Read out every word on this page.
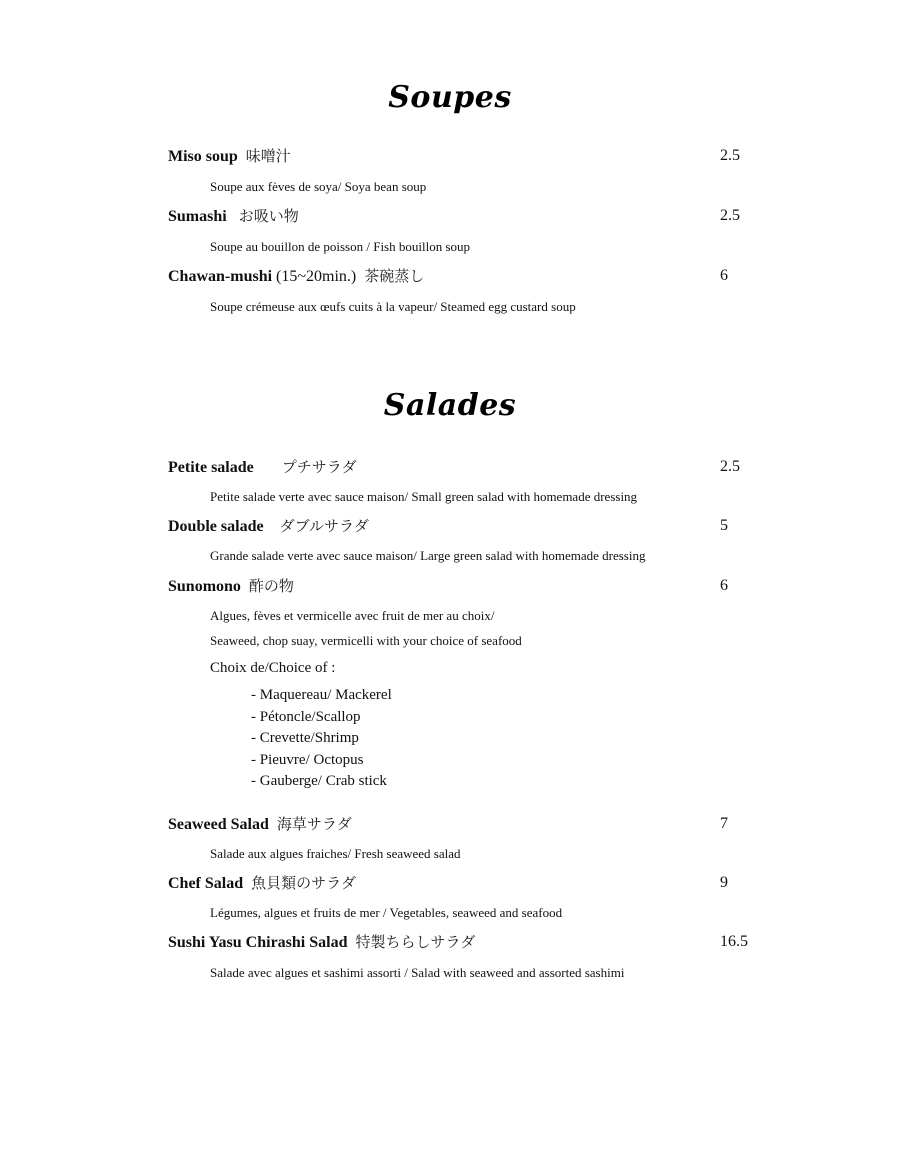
Soupes
Miso soup 味噌汁	2.5
Soupe aux fèves de soya/ Soya bean soup
Sumashi お吸い物	2.5
Soupe au bouillon de poisson / Fish bouillon soup
Chawan-mushi (15~20min.) 茶碗蒸し	6
Soupe crémeuse aux œufs cuits à la vapeur/ Steamed egg custard soup
Salades
Petite salade プチサラダ	2.5
Petite salade verte avec sauce maison/ Small green salad with homemade dressing
Double salade ダブルサラダ	5
Grande salade verte avec sauce maison/ Large green salad with homemade dressing
Sunomono 酢の物	6
Algues, fèves et vermicelle avec fruit de mer au choix/
Seaweed, chop suay, vermicelli with your choice of seafood
Choix de/Choice of :
- Maquereau/ Mackerel
- Pétoncle/Scallop
- Crevette/Shrimp
- Pieuvre/ Octopus
- Gauberge/ Crab stick
Seaweed Salad 海草サラダ	7
Salade aux algues fraiches/ Fresh seaweed salad
Chef Salad 魚貝類のサラダ	9
Légumes, algues et fruits de mer / Vegetables, seaweed and seafood
Sushi Yasu Chirashi Salad 特製ちらしサラダ	16.5
Salade avec algues et sashimi assorti / Salad with seaweed and assorted sashimi
